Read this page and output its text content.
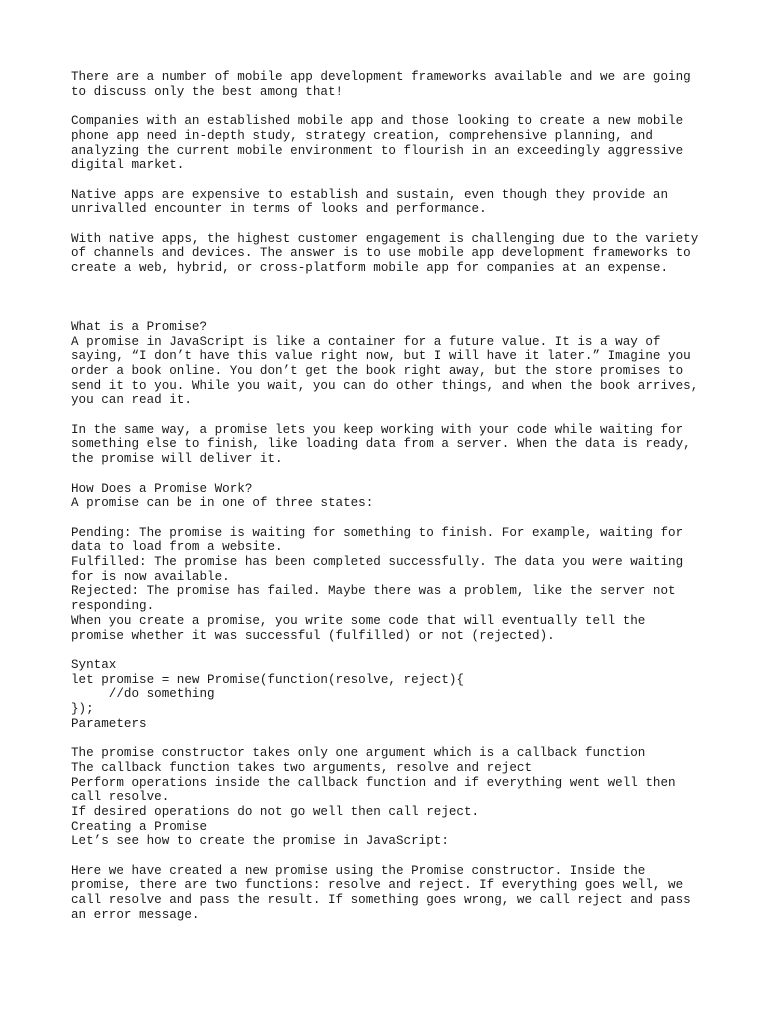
There are a number of mobile app development frameworks available and we are going
to discuss only the best among that!

Companies with an established mobile app and those looking to create a new mobile
phone app need in-depth study, strategy creation, comprehensive planning, and
analyzing the current mobile environment to flourish in an exceedingly aggressive
digital market.

Native apps are expensive to establish and sustain, even though they provide an
unrivalled encounter in terms of looks and performance.

With native apps, the highest customer engagement is challenging due to the variety
of channels and devices. The answer is to use mobile app development frameworks to
create a web, hybrid, or cross-platform mobile app for companies at an expense.

What is a Promise?

A promise in JavaScript is like a container for a future value. It is a way of
saying, “I don’t have this value right now, but I will have it later.” Imagine you
order a book online. You don’t get the book right away, but the store promises to
send it to you. While you wait, you can do other things, and when the book arrives,
you can read it.

In the same way, a promise lets you keep working with your code while waiting for
something else to finish, like loading data from a server. When the data is ready,
the promise will deliver it.

How Does a Promise Work?

A promise can be in one of three states:

Pending: The promise is waiting for something to finish. For example, waiting for
data to load from a website.
Fulfilled: The promise has been completed successfully. The data you were waiting
for is now available.
Rejected: The promise has failed. Maybe there was a problem, like the server not
responding.
When you create a promise, you write some code that will eventually tell the
promise whether it was successful (fulfilled) or not (rejected).

Syntax

let promise = new Promise(function(resolve, reject){
//do something
});

Parameters

The promise constructor takes only one argument which is a callback function
The callback function takes two arguments, resolve and reject
Perform operations inside the callback function and if everything went well then
call resolve.
If desired operations do not go well then call reject.

Creating a Promise

Let’s see how to create the promise in JavaScript:

Here we have created a new promise using the Promise constructor. Inside the
promise, there are two functions: resolve and reject. If everything goes well, we
call resolve and pass the result. If something goes wrong, we call reject and pass
an error message.
